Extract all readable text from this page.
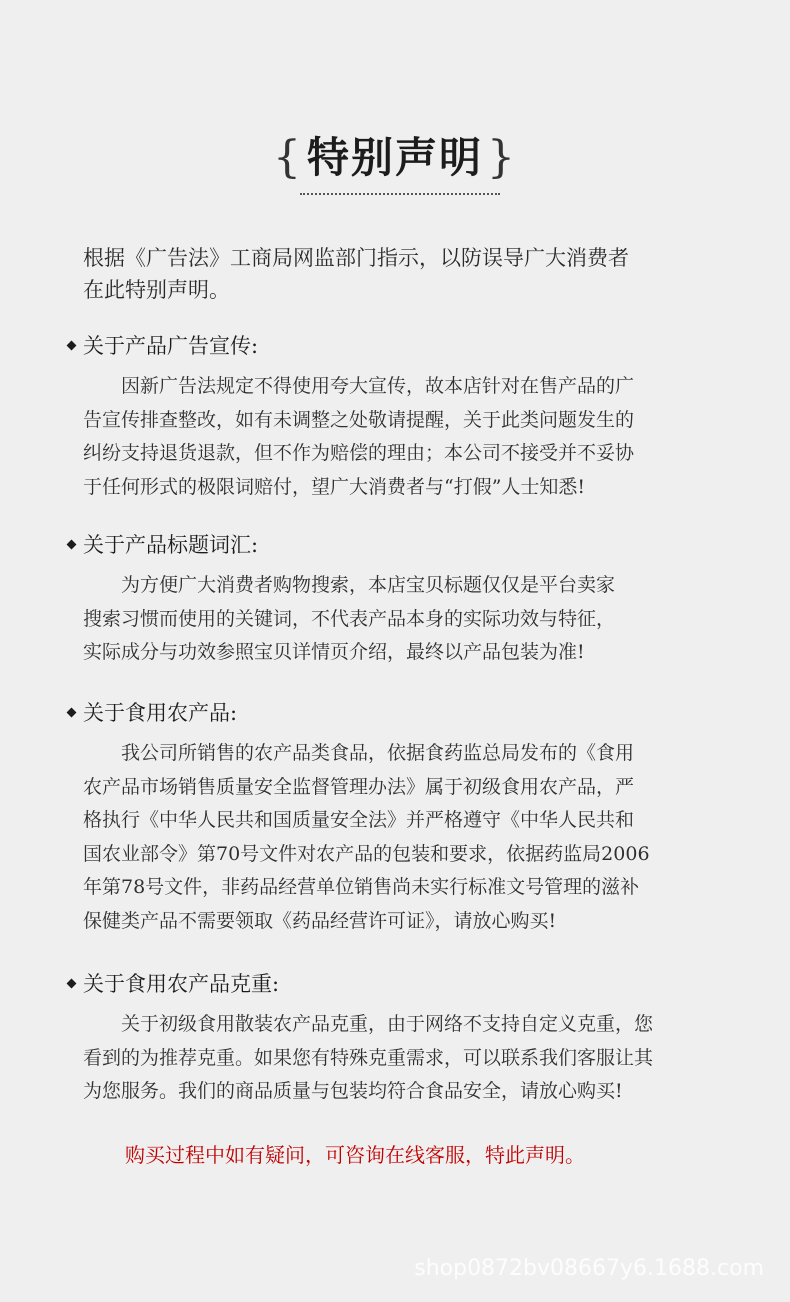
{特别声明}
根据《广告法》工商局网监部门指示，以防误导广大消费者
在此特别声明。
关于产品广告宣传:
　　因新广告法规定不得使用夸大宣传，故本店针对在售产品的广
告宣传排查整改，如有未调整之处敬请提醒，关于此类问题发生的
纠纷支持退货退款，但不作为赔偿的理由；本公司不接受并不妥协
于任何形式的极限词赔付，望广大消费者与“打假”人士知悉!
关于产品标题词汇:
　　为方便广大消费者购物搜索，本店宝贝标题仅仅是平台卖家
搜索习惯而使用的关键词，不代表产品本身的实际功效与特征，
实际成分与功效参照宝贝详情页介绍，最终以产品包装为准!
关于食用农产品:
　　我公司所销售的农产品类食品，依据食药监总局发布的《食用
农产品市场销售质量安全监督管理办法》属于初级食用农产品，严
格执行《中华人民共和国质量安全法》并严格遵守《中华人民共和
国农业部令》第70号文件对农产品的包装和要求，依据药监局2006
年第78号文件，非药品经营单位销售尚未实行标准文号管理的滋补
保健类产品不需要领取《药品经营许可证》，请放心购买!
关于食用农产品克重:
　　关于初级食用散装农产品克重，由于网络不支持自定义克重，您
看到的为推荐克重。如果您有特殊克重需求，可以联系我们客服让其
为您服务。我们的商品质量与包装均符合食品安全，请放心购买!
购买过程中如有疑问，可咨询在线客服，特此声明。
shop0872bv08667y6.1688.com
